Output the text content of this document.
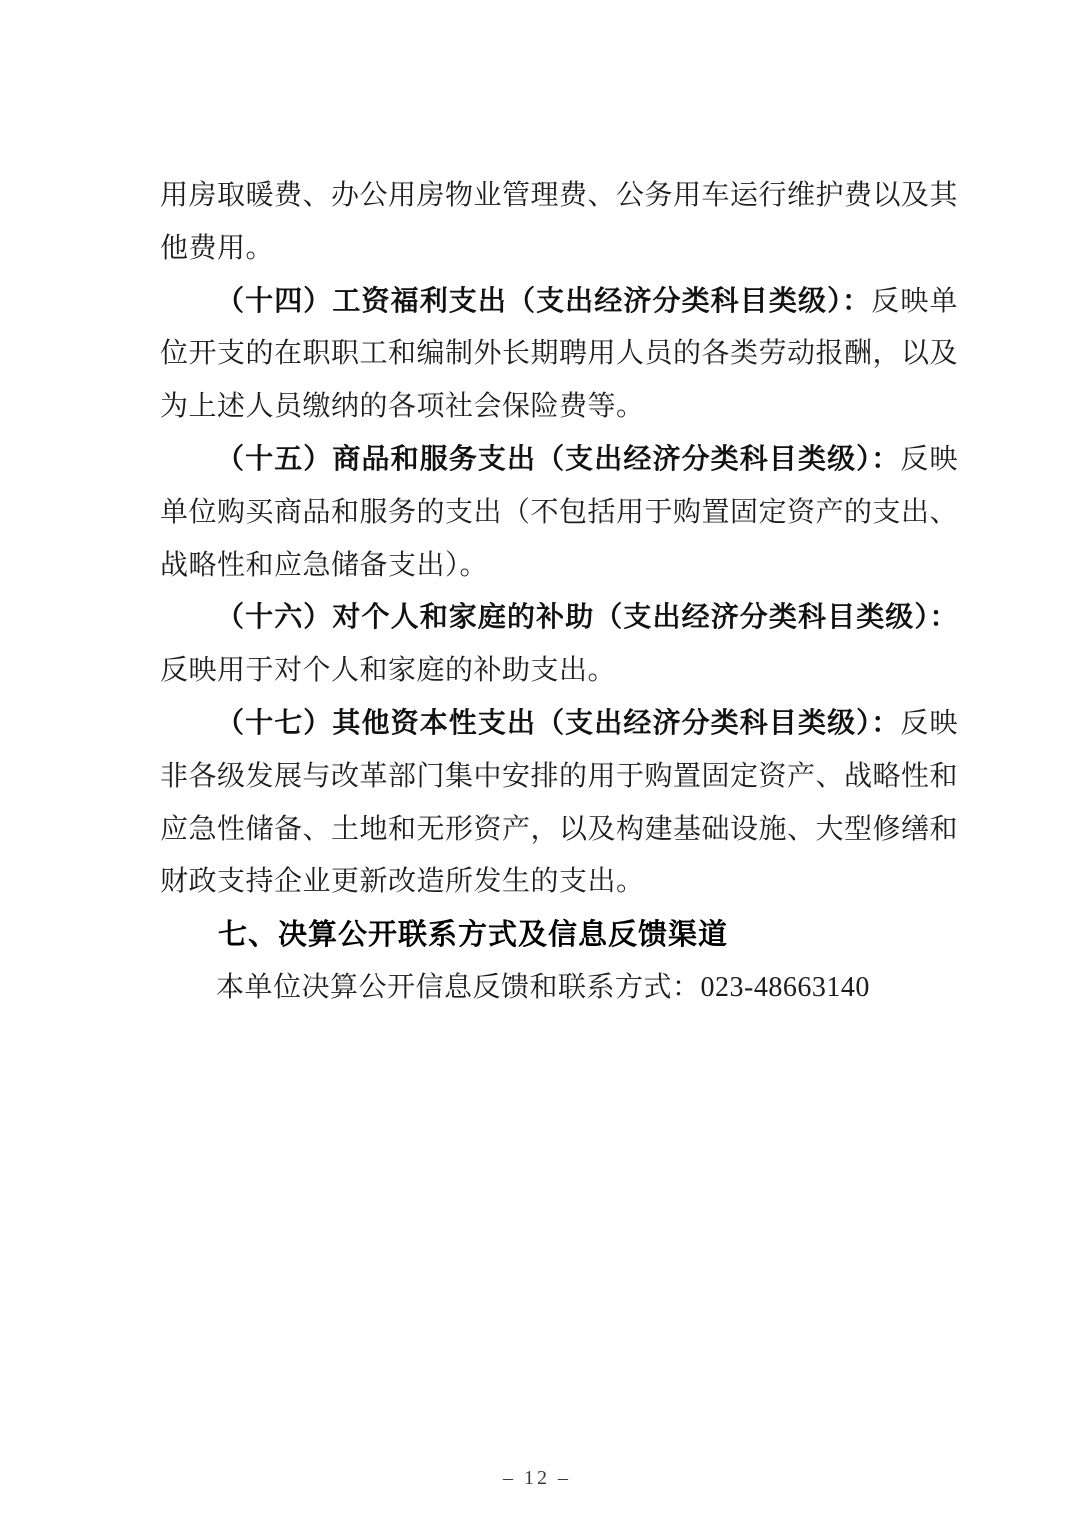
用房取暖费、办公用房物业管理费、公务用车运行维护费以及其他费用。

（十四）工资福利支出（支出经济分类科目类级）：反映单位开支的在职职工和编制外长期聘用人员的各类劳动报酬，以及为上述人员缴纳的各项社会保险费等。

（十五）商品和服务支出（支出经济分类科目类级）：反映单位购买商品和服务的支出（不包括用于购置固定资产的支出、战略性和应急储备支出）。

（十六）对个人和家庭的补助（支出经济分类科目类级）：反映用于对个人和家庭的补助支出。

（十七）其他资本性支出（支出经济分类科目类级）：反映非各级发展与改革部门集中安排的用于购置固定资产、战略性和应急性储备、土地和无形资产，以及构建基础设施、大型修缮和财政支持企业更新改造所发生的支出。

七、决算公开联系方式及信息反馈渠道

本单位决算公开信息反馈和联系方式：023-48663140

– 12 –
